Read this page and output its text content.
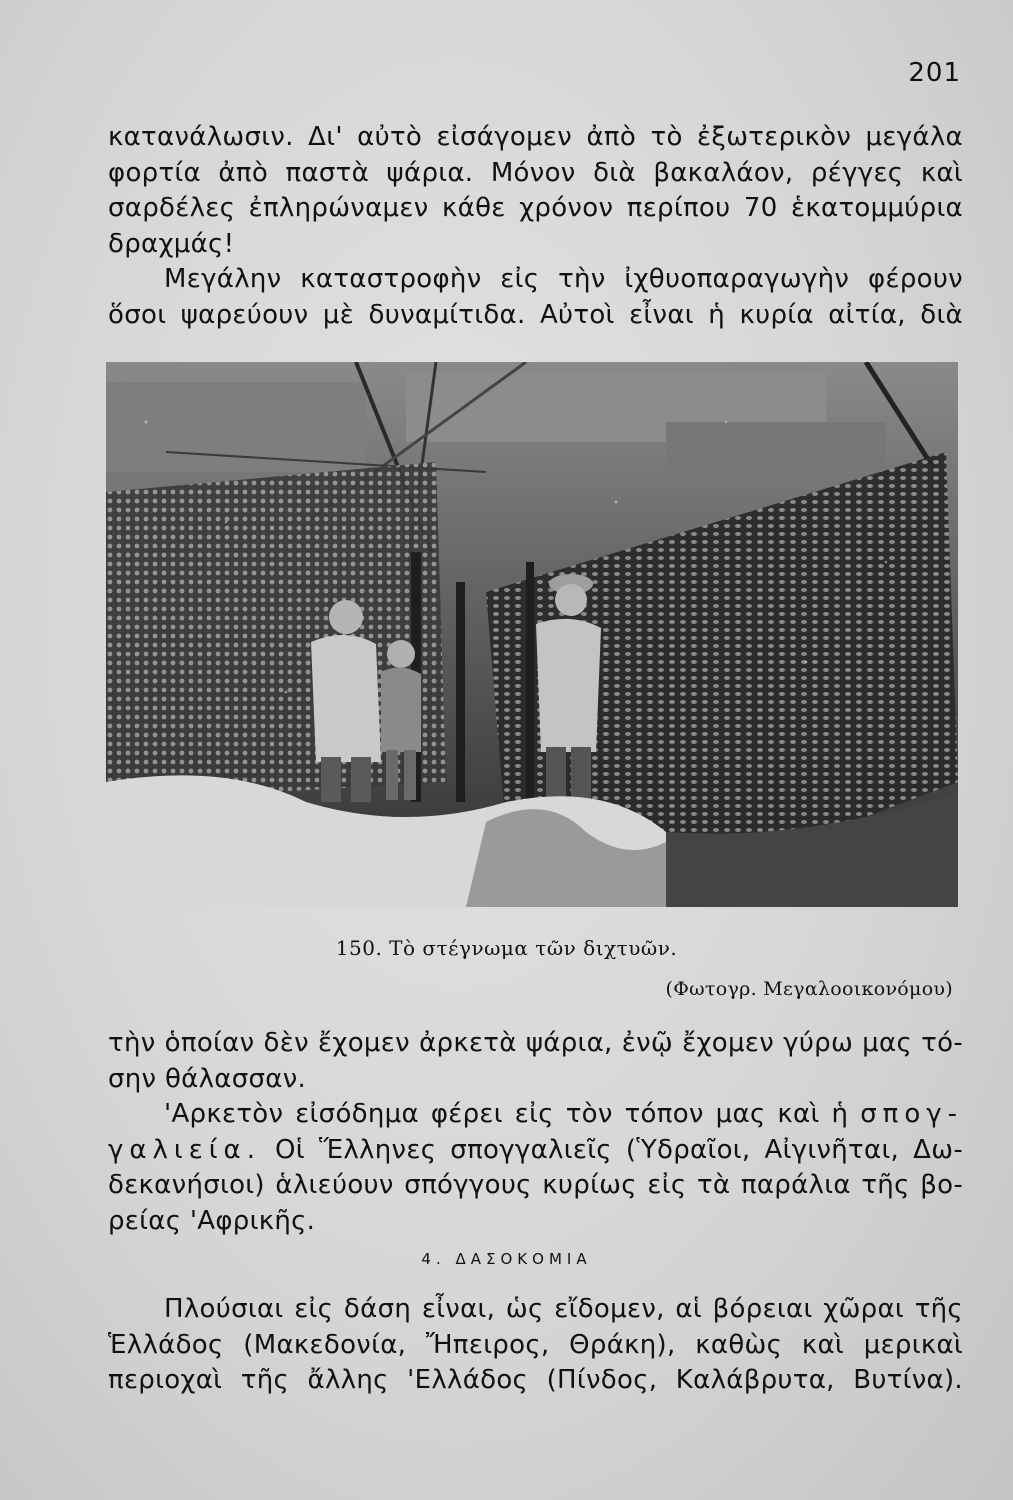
201

κατανάλωσιν. Δι' αὐτὸ εἰσάγομεν ἀπὸ τὸ ἐξωτερικὸν μεγάλα
φορτία ἀπὸ παστὰ ψάρια. Μόνον διὰ βακαλάον, ρέγγες καὶ
σαρδέλες ἐπληρώναμεν κάθε χρόνον περίπου 70 ἑκατομμύρια
δραχμάς!

Μεγάλην καταστροφὴν εἰς τὴν ἰχθυοπαραγωγὴν φέρουν
ὅσοι ψαρεύουν μὲ δυναμίτιδα. Αὐτοὶ εἶναι ἡ κυρία αἰτία, διὰ

150. Τὸ στέγνωμα τῶν διχτυῶν.
(Φωτογρ. Μεγαλοοικονόμου)

τὴν ὁποίαν δὲν ἔχομεν ἀρκετὰ ψάρια, ἐνῷ ἔχομεν γύρω μας τό-
σην θάλασσαν.

'Αρκετὸν εἰσόδημα φέρει εἰς τὸν τόπον μας καὶ ἡ σπογ-
γαλιεία. Οἱ Ἕλληνες σπογγαλιεῖς (Ὑδραῖοι, Αἰγινῆται, Δω-
δεκανήσιοι) ἁλιεύουν σπόγγους κυρίως εἰς τὰ παράλια τῆς βο-
ρείας 'Αφρικῆς.

4. ΔΑΣΟΚΟΜΙΑ

Πλούσιαι εἰς δάση εἶναι, ὡς εἴδομεν, αἱ βόρειαι χῶραι τῆς
Ἑλλάδος (Μακεδονία, Ἤπειρος, Θράκη), καθὼς καὶ μερικαὶ
περιοχαὶ τῆς ἄλλης 'Ελλάδος (Πίνδος, Καλάβρυτα, Βυτίνα).
